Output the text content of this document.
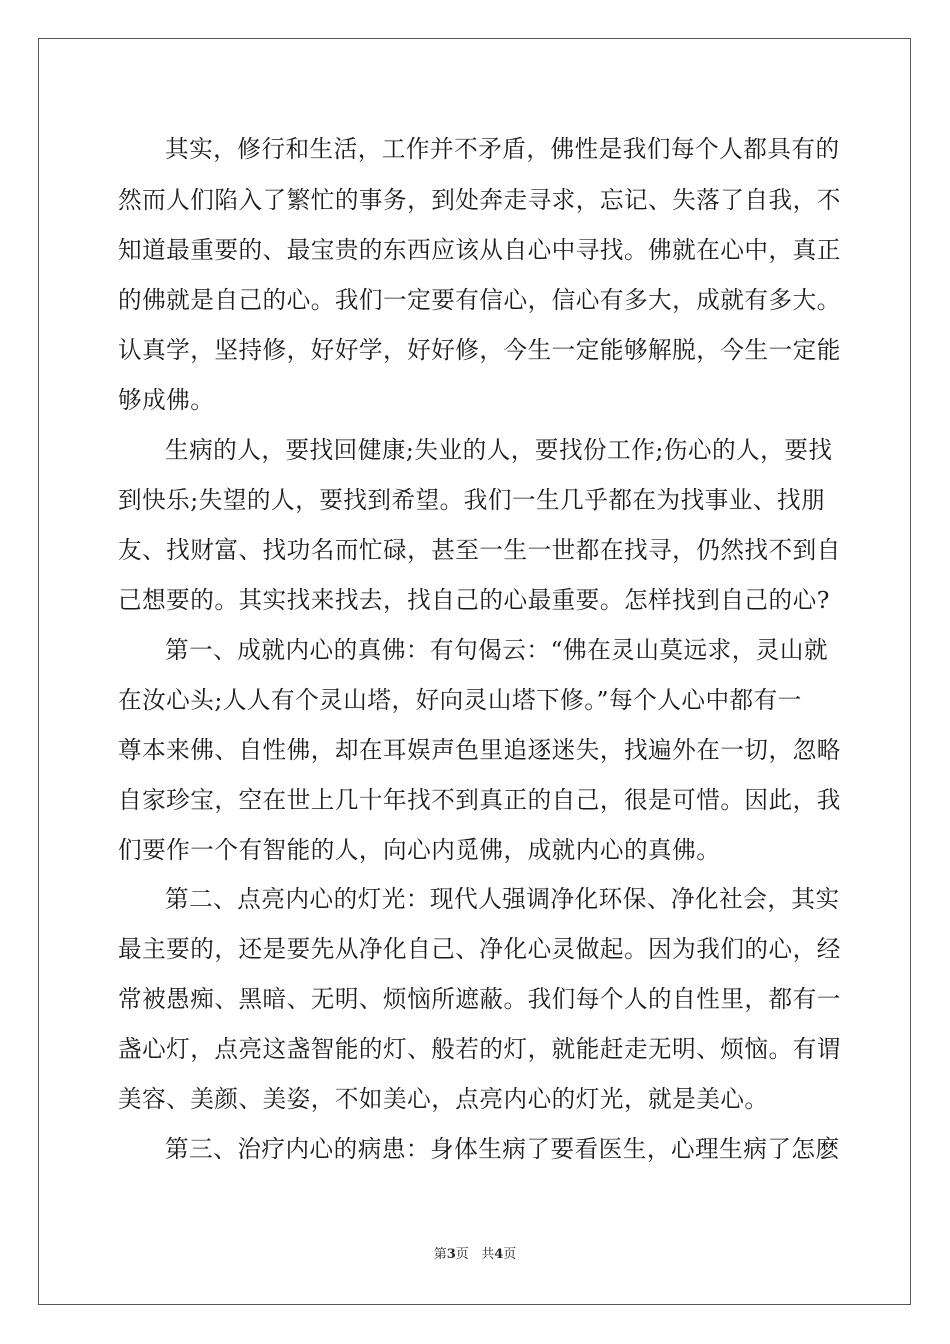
其实，修行和生活，工作并不矛盾，佛性是我们每个人都具有的
然而人们陷入了繁忙的事务，到处奔走寻求，忘记、失落了自我，不
知道最重要的、最宝贵的东西应该从自心中寻找。佛就在心中，真正
的佛就是自己的心。我们一定要有信心，信心有多大，成就有多大。
认真学，坚持修，好好学，好好修，今生一定能够解脱，今生一定能
够成佛。
生病的人，要找回健康;失业的人，要找份工作;伤心的人，要找
到快乐;失望的人，要找到希望。我们一生几乎都在为找事业、找朋
友、找财富、找功名而忙碌，甚至一生一世都在找寻，仍然找不到自
己想要的。其实找来找去，找自己的心最重要。怎样找到自己的心?
第一、成就内心的真佛：有句偈云：“佛在灵山莫远求，灵山就
在汝心头;人人有个灵山塔，好向灵山塔下修。”每个人心中都有一
尊本来佛、自性佛，却在耳娱声色里追逐迷失，找遍外在一切，忽略
自家珍宝，空在世上几十年找不到真正的自己，很是可惜。因此，我
们要作一个有智能的人，向心内觅佛，成就内心的真佛。
第二、点亮内心的灯光：现代人强调净化环保、净化社会，其实
最主要的，还是要先从净化自己、净化心灵做起。因为我们的心，经
常被愚痴、黑暗、无明、烦恼所遮蔽。我们每个人的自性里，都有一
盏心灯，点亮这盏智能的灯、般若的灯，就能赶走无明、烦恼。有谓
美容、美颜、美姿，不如美心，点亮内心的灯光，就是美心。
第三、治疗内心的病患：身体生病了要看医生，心理生病了怎麽
第3页 共4页
